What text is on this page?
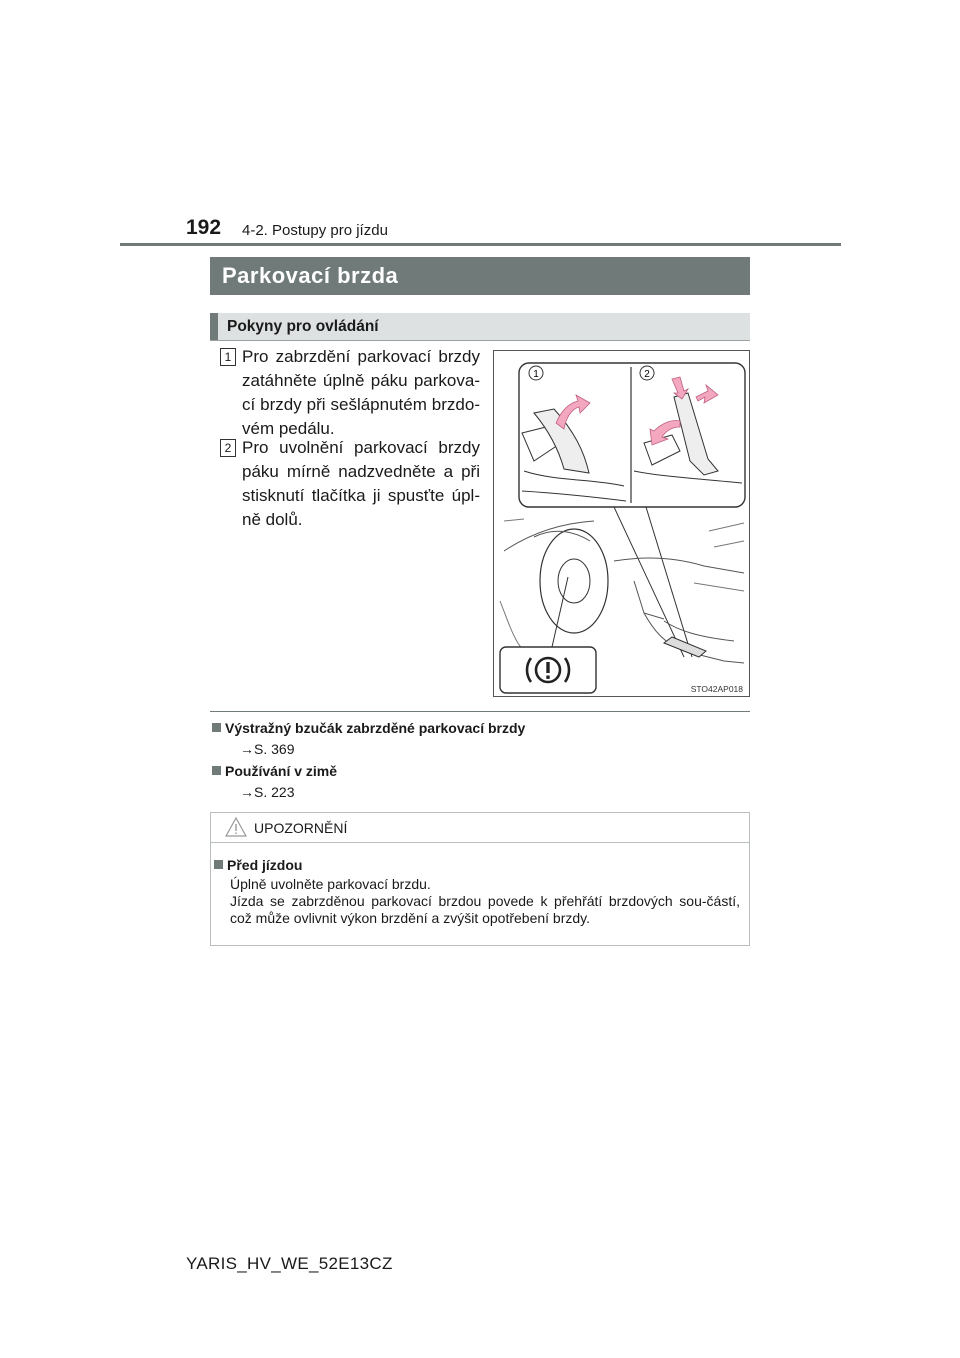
192 4-2. Postupy pro jízdu
Parkovací brzda
Pokyny pro ovládání
1 Pro zabrzdění parkovací brzdy zatáhněte úplně páku parkova-cí brzdy při sešlápnutém brzdo-vém pedálu.
2 Pro uvolnění parkovací brzdy páku mírně nadzvedněte a při stisknutí tlačítka ji spusťte úpl-ně dolů.
1	2
STO42AP018
Výstražný bzučák zabrzděné parkovací brzdy
→S. 369
Používání v zimě
→S. 223
UPOZORNĚNÍ
Před jízdou
Úplně uvolněte parkovací brzdu.
Jízda se zabrzděnou parkovací brzdou povede k přehřátí brzdových sou-částí, což může ovlivnit výkon brzdění a zvýšit opotřebení brzdy.
YARIS_HV_WE_52E13CZ
